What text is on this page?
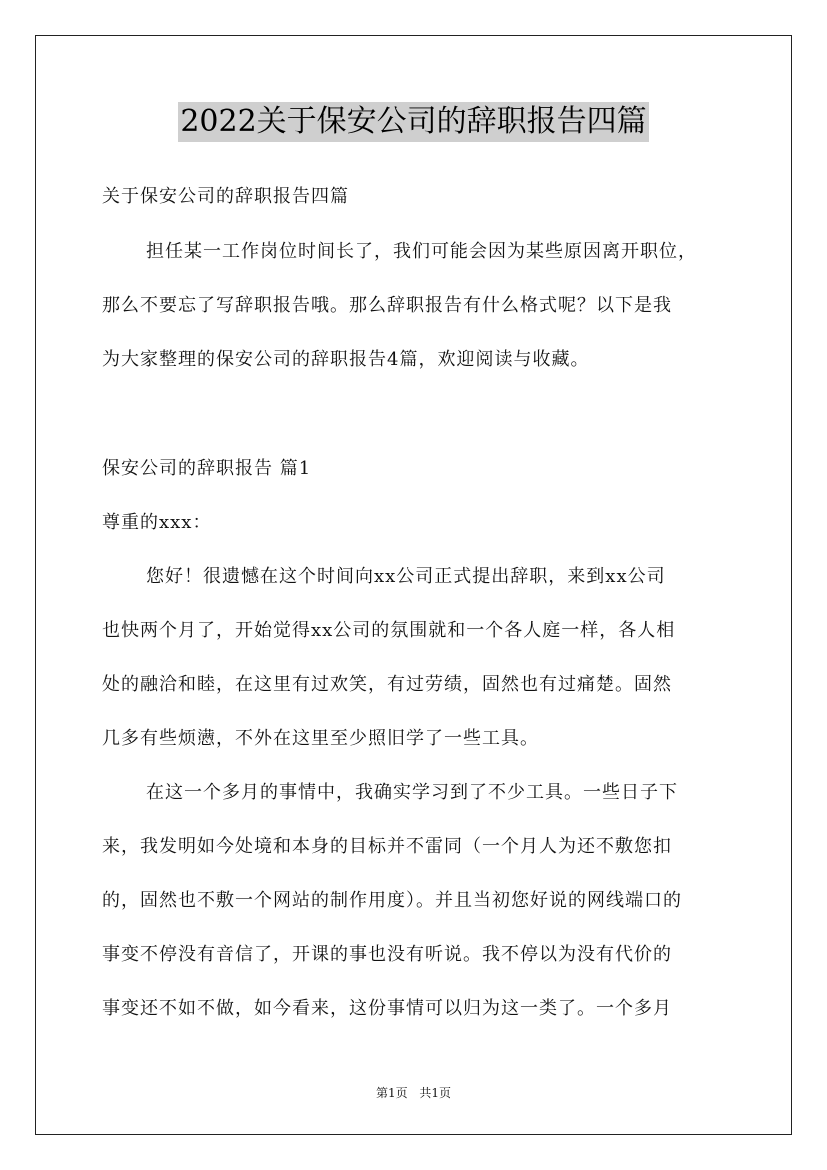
2022关于保安公司的辞职报告四篇
关于保安公司的辞职报告四篇
担任某一工作岗位时间长了，我们可能会因为某些原因离开职位，
那么不要忘了写辞职报告哦。那么辞职报告有什么格式呢？以下是我
为大家整理的保安公司的辞职报告4篇，欢迎阅读与收藏。
保安公司的辞职报告 篇1
尊重的xxx：
您好！很遗憾在这个时间向xx公司正式提出辞职，来到xx公司
也快两个月了，开始觉得xx公司的氛围就和一个各人庭一样，各人相
处的融洽和睦，在这里有过欢笑，有过劳绩，固然也有过痛楚。固然
几多有些烦懑，不外在这里至少照旧学了一些工具。
在这一个多月的事情中，我确实学习到了不少工具。一些日子下
来，我发明如今处境和本身的目标并不雷同（一个月人为还不敷您扣
的，固然也不敷一个网站的制作用度）。并且当初您好说的网线端口的
事变不停没有音信了，开课的事也没有听说。我不停以为没有代价的
事变还不如不做，如今看来，这份事情可以归为这一类了。一个多月
第1页 共1页
